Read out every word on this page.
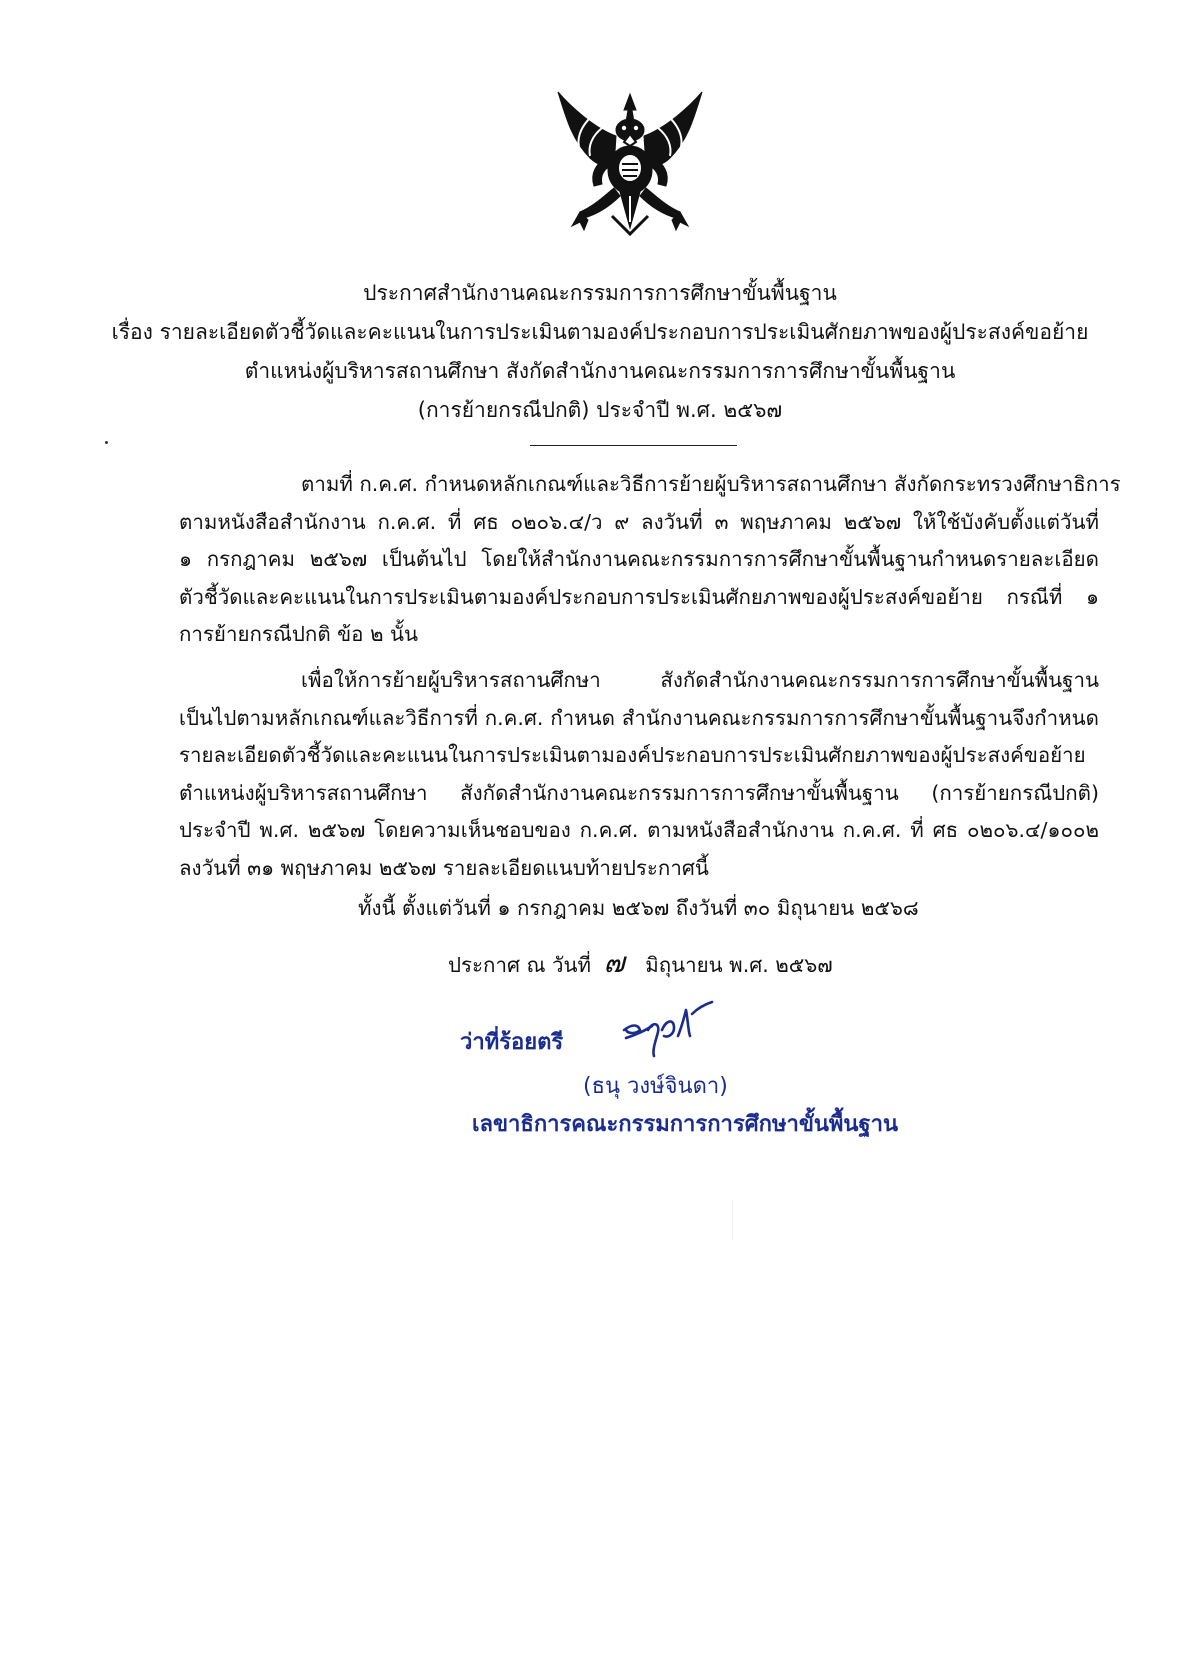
ประกาศสำนักงานคณะกรรมการการศึกษาขั้นพื้นฐาน
เรื่อง รายละเอียดตัวชี้วัดและคะแนนในการประเมินตามองค์ประกอบการประเมินศักยภาพของผู้ประสงค์ขอย้าย
ตำแหน่งผู้บริหารสถานศึกษา สังกัดสำนักงานคณะกรรมการการศึกษาขั้นพื้นฐาน
(การย้ายกรณีปกติ) ประจำปี พ.ศ. ๒๕๖๗
ตามที่ ก.ค.ศ. กำหนดหลักเกณฑ์และวิธีการย้ายผู้บริหารสถานศึกษา สังกัดกระทรวงศึกษาธิการ
ตามหนังสือสำนักงาน ก.ค.ศ. ที่ ศธ ๐๒๐๖.๔/ว ๙ ลงวันที่ ๓ พฤษภาคม ๒๕๖๗ ให้ใช้บังคับตั้งแต่วันที่
๑ กรกฎาคม ๒๕๖๗ เป็นต้นไป โดยให้สำนักงานคณะกรรมการการศึกษาขั้นพื้นฐานกำหนดรายละเอียด
ตัวชี้วัดและคะแนนในการประเมินตามองค์ประกอบการประเมินศักยภาพของผู้ประสงค์ขอย้าย กรณีที่ ๑
การย้ายกรณีปกติ ข้อ ๒ นั้น
เพื่อให้การย้ายผู้บริหารสถานศึกษา สังกัดสำนักงานคณะกรรมการการศึกษาขั้นพื้นฐาน
เป็นไปตามหลักเกณฑ์และวิธีการที่ ก.ค.ศ. กำหนด สำนักงานคณะกรรมการการศึกษาขั้นพื้นฐานจึงกำหนด
รายละเอียดตัวชี้วัดและคะแนนในการประเมินตามองค์ประกอบการประเมินศักยภาพของผู้ประสงค์ขอย้าย
ตำแหน่งผู้บริหารสถานศึกษา สังกัดสำนักงานคณะกรรมการการศึกษาขั้นพื้นฐาน (การย้ายกรณีปกติ)
ประจำปี พ.ศ. ๒๕๖๗ โดยความเห็นชอบของ ก.ค.ศ. ตามหนังสือสำนักงาน ก.ค.ศ. ที่ ศธ ๐๒๐๖.๔/๑๐๐๒
ลงวันที่ ๓๑ พฤษภาคม ๒๕๖๗ รายละเอียดแนบท้ายประกาศนี้
ทั้งนี้ ตั้งแต่วันที่ ๑ กรกฎาคม ๒๕๖๗ ถึงวันที่ ๓๐ มิถุนายน ๒๕๖๘
ประกาศ ณ วันที่ ๗ มิถุนายน พ.ศ. ๒๕๖๗
ว่าที่ร้อยตรี
(ธนุ วงษ์จินดา)
เลขาธิการคณะกรรมการการศึกษาขั้นพื้นฐาน
